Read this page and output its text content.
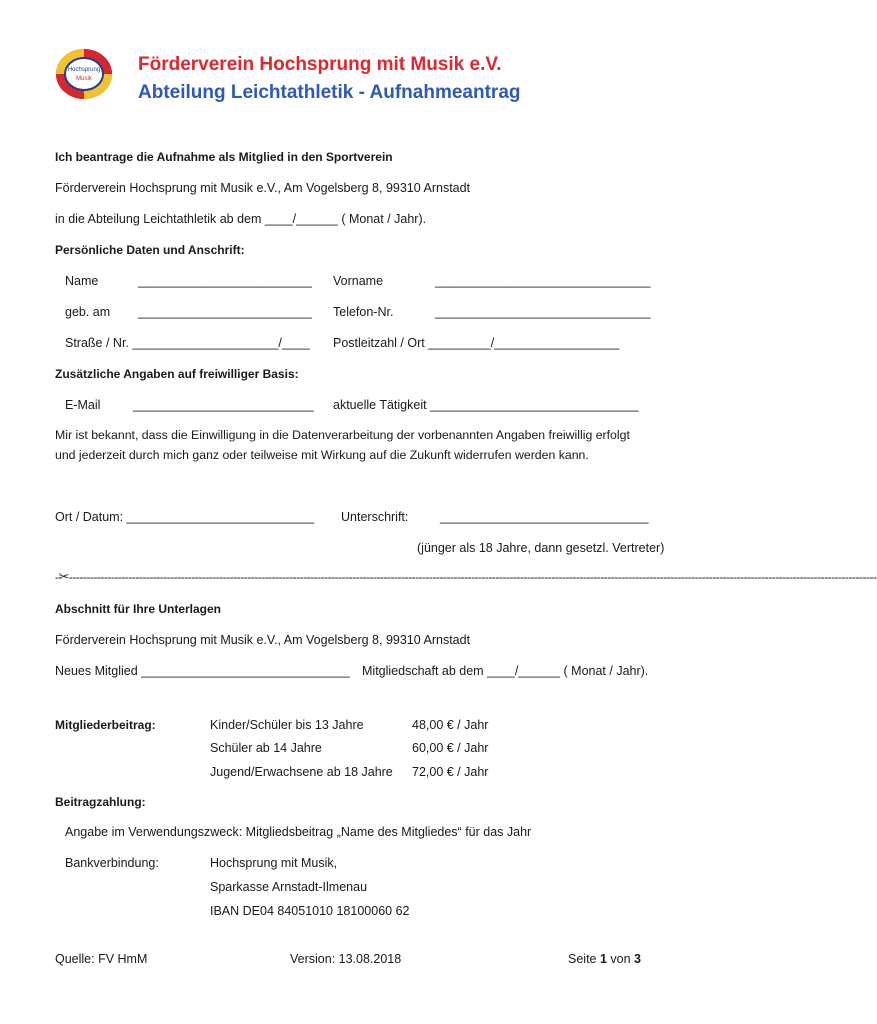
Hochsprung
Musik
Förderverein Hochsprung mit Musik e.V.
Abteilung Leichtathletik - Aufnahmeantrag
Ich beantrage die Aufnahme als Mitglied in den Sportverein
Förderverein Hochsprung mit Musik e.V., Am Vogelsberg 8, 99310 Arnstadt
in die Abteilung Leichtathletik ab dem ____/______ ( Monat / Jahr).
Persönliche Daten und Anschrift:
Name	_________________________ Vorname	_______________________________
geb. am _________________________ Telefon-Nr.	_______________________________
Straße / Nr. _____________________/____ Postleitzahl / Ort _________/__________________
Zusätzliche Angaben auf freiwilliger Basis:
E-Mail	__________________________ aktuelle Tätigkeit ______________________________
Mir ist bekannt, dass die Einwilligung in die Datenverarbeitung der vorbenannten Angaben freiwillig erfolgt
und jederzeit durch mich ganz oder teilweise mit Wirkung auf die Zukunft widerrufen werden kann.
Ort / Datum: ___________________________ Unterschrift:	______________________________
(jünger als 18 Jahre, dann gesetzl. Vertreter)
-✂---------------------------------------------------------------------------------------------------------------------------------------------------------------------------------------------------------------------------------------
Abschnitt für Ihre Unterlagen
Förderverein Hochsprung mit Musik e.V., Am Vogelsberg 8, 99310 Arnstadt
Neues Mitglied ______________________________ Mitgliedschaft ab dem ____/______ ( Monat / Jahr).
Mitgliederbeitrag:	Kinder/Schüler bis 13 Jahre	48,00 € / Jahr
Schüler ab 14 Jahre	60,00 € / Jahr
Jugend/Erwachsene ab 18 Jahre 72,00 € / Jahr
Beitragzahlung:
Angabe im Verwendungszweck: Mitgliedsbeitrag „Name des Mitgliedes“ für das Jahr
Bankverbindung:	Hochsprung mit Musik,
Sparkasse Arnstadt-Ilmenau
IBAN DE04 84051010 18100060 62
Quelle: FV HmM	Version: 13.08.2018	Seite 1 von 3
